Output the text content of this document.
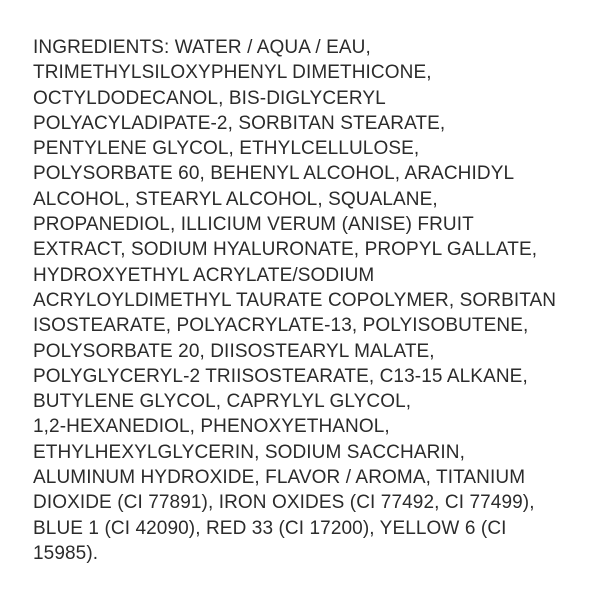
INGREDIENTS: WATER / AQUA / EAU,
TRIMETHYLSILOXYPHENYL DIMETHICONE,
OCTYLDODECANOL, BIS-DIGLYCERYL
POLYACYLADIPATE-2, SORBITAN STEARATE,
PENTYLENE GLYCOL, ETHYLCELLULOSE,
POLYSORBATE 60, BEHENYL ALCOHOL, ARACHIDYL
ALCOHOL, STEARYL ALCOHOL, SQUALANE,
PROPANEDIOL, ILLICIUM VERUM (ANISE) FRUIT
EXTRACT, SODIUM HYALURONATE, PROPYL GALLATE,
HYDROXYETHYL ACRYLATE/SODIUM
ACRYLOYLDIMETHYL TAURATE COPOLYMER, SORBITAN
ISOSTEARATE, POLYACRYLATE-13, POLYISOBUTENE,
POLYSORBATE 20, DIISOSTEARYL MALATE,
POLYGLYCERYL-2 TRIISOSTEARATE, C13-15 ALKANE,
BUTYLENE GLYCOL, CAPRYLYL GLYCOL,
1,2-HEXANEDIOL, PHENOXYETHANOL,
ETHYLHEXYLGLYCERIN, SODIUM SACCHARIN,
ALUMINUM HYDROXIDE, FLAVOR / AROMA, TITANIUM
DIOXIDE (CI 77891), IRON OXIDES (CI 77492, CI 77499),
BLUE 1 (CI 42090), RED 33 (CI 17200), YELLOW 6 (CI
15985).
